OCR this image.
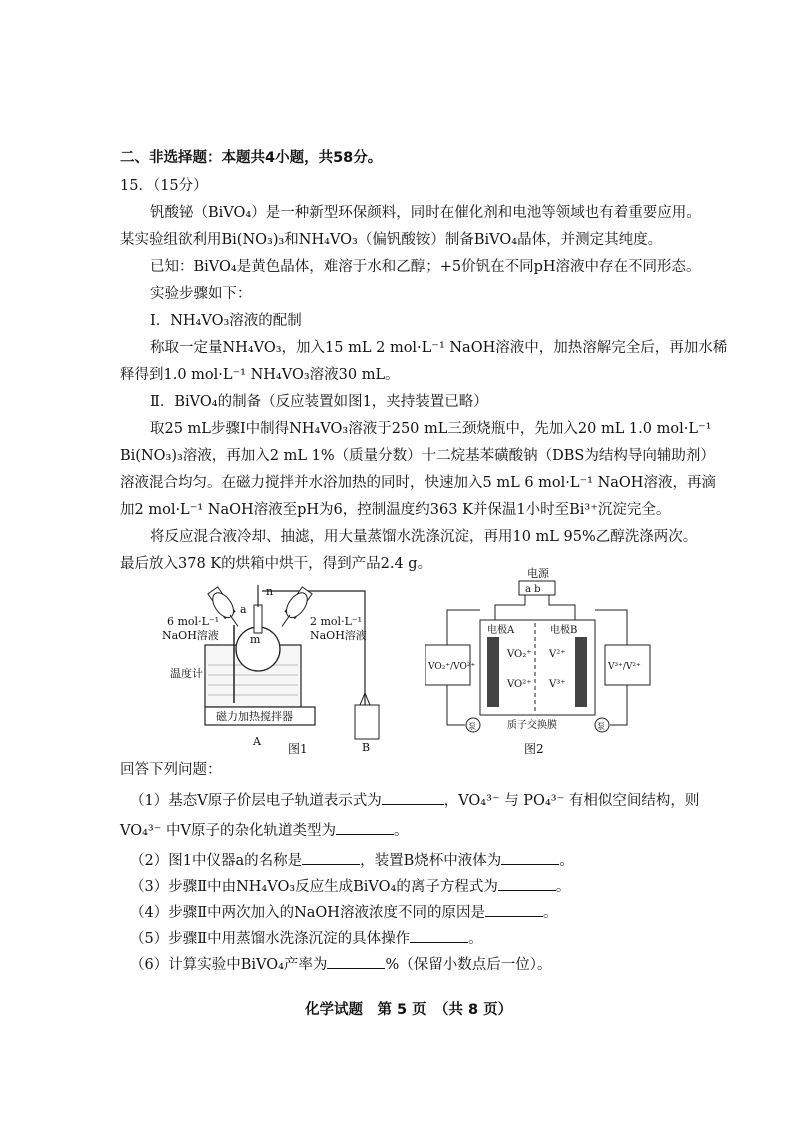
二、非选择题：本题共4小题，共58分。
15．（15分）
钒酸铋（BiVO₄）是一种新型环保颜料，同时在催化剂和电池等领域也有着重要应用。
某实验组欲利用Bi(NO₃)₃和NH₄VO₃（偏钒酸铵）制备BiVO₄晶体，并测定其纯度。
已知：BiVO₄是黄色晶体，难溶于水和乙醇；+5价钒在不同pH溶液中存在不同形态。
实验步骤如下：
Ⅰ．NH₄VO₃溶液的配制
称取一定量NH₄VO₃，加入15 mL 2 mol·L⁻¹ NaOH溶液中，加热溶解完全后，再加水稀
释得到1.0 mol·L⁻¹ NH₄VO₃溶液30 mL。
Ⅱ．BiVO₄的制备（反应装置如图1，夹持装置已略）
取25 mL步骤Ⅰ中制得NH₄VO₃溶液于250 mL三颈烧瓶中，先加入20 mL 1.0 mol·L⁻¹
Bi(NO₃)₃溶液，再加入2 mL 1%（质量分数）十二烷基苯磺酸钠（DBS为结构导向辅助剂）
溶液混合均匀。在磁力搅拌并水浴加热的同时，快速加入5 mL 6 mol·L⁻¹ NaOH溶液，再滴
加2 mol·L⁻¹ NaOH溶液至pH为6，控制温度约363 K并保温1小时至Bi³⁺沉淀完全。
将反应混合液冷却、抽滤，用大量蒸馏水洗涤沉淀，再用10 mL 95%乙醇洗涤两次。
最后放入378 K的烘箱中烘干，得到产品2.4 g。
磁力加热搅拌器
a
m
n
6 mol·L⁻¹
NaOH溶液
2 mol·L⁻¹
NaOH溶液
温度计
A	B
图1
电源
a b
电极A	电极B
VO₂⁺
VO²⁺
V²⁺
V³⁺
VO₂⁺/VO²⁺	V³⁺/V²⁺
泵	泵
质子交换膜
图2
回答下列问题：
（1）基态V原子价层电子轨道表示式为	，VO₄³⁻ 与 PO₄³⁻ 有相似空间结构，则
VO₄³⁻ 中V原子的杂化轨道类型为	。
（2）图1中仪器a的名称是	，装置B烧杯中液体为	。
（3）步骤Ⅱ中由NH₄VO₃反应生成BiVO₄的离子方程式为	。
（4）步骤Ⅱ中两次加入的NaOH溶液浓度不同的原因是	。
（5）步骤Ⅱ中用蒸馏水洗涤沉淀的具体操作	。
（6）计算实验中BiVO₄产率为	%（保留小数点后一位）。
化学试题　第 5 页　（共 8 页）
